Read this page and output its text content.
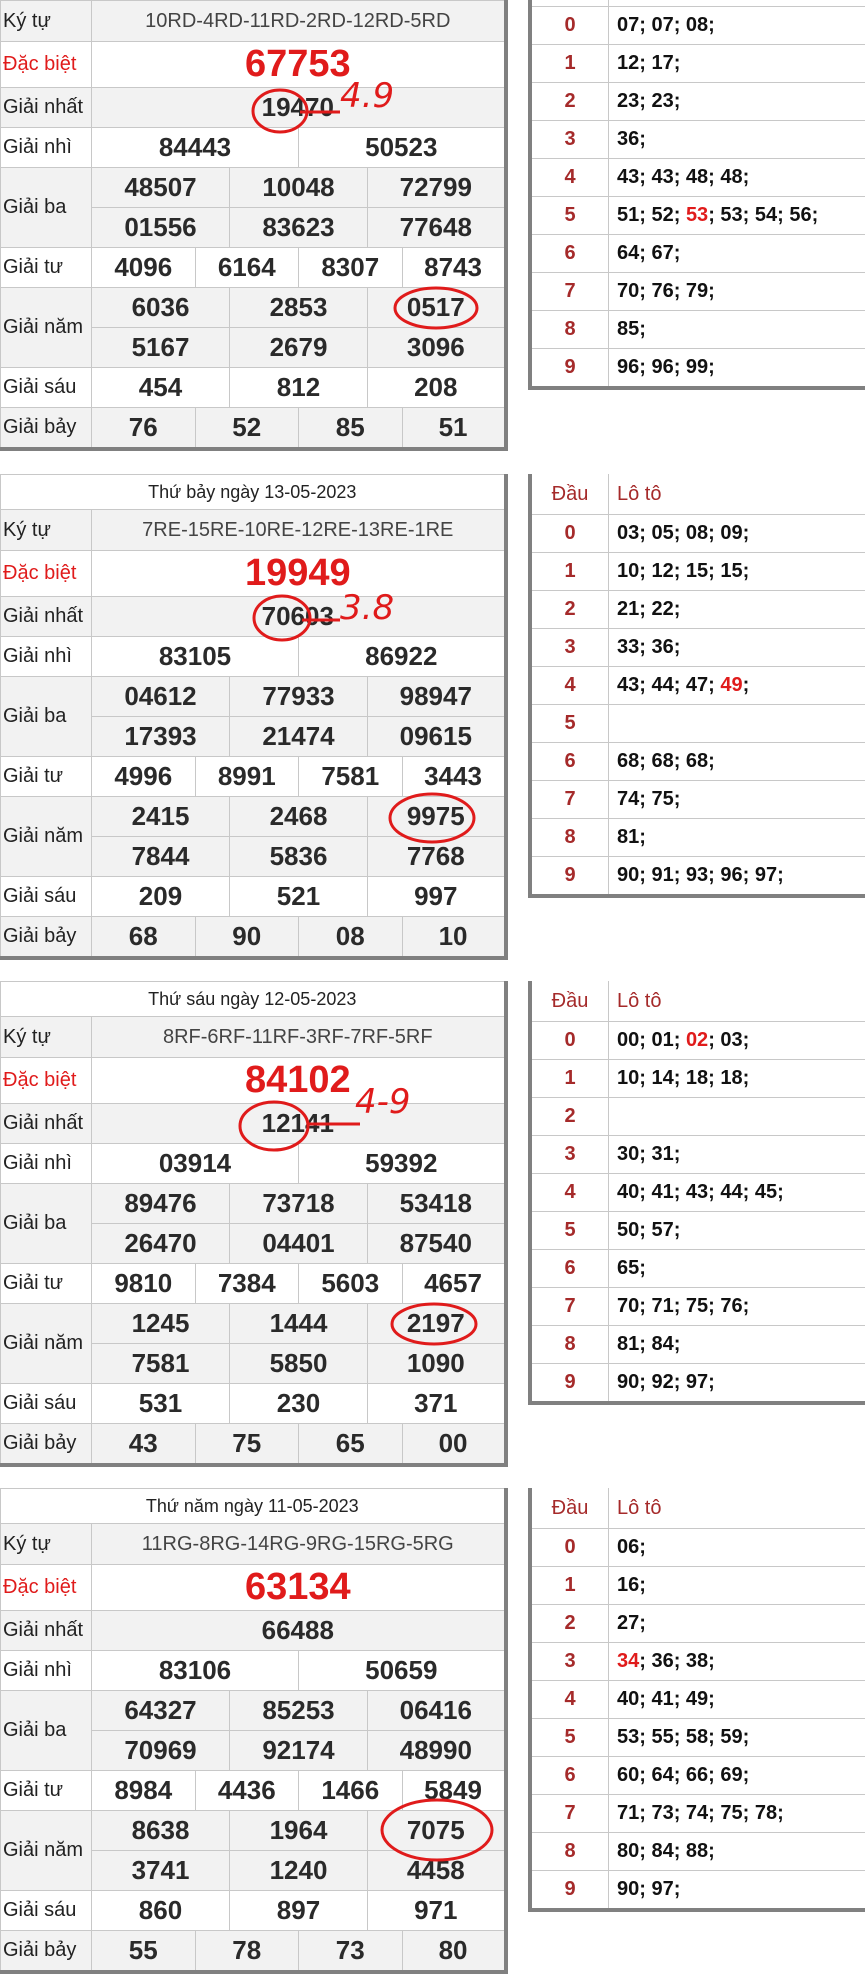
Ký tự	10RD-4RD-11RD-2RD-12RD-5RD					
Đặc biệt	67753					
Giải nhất	19470					
Giải nhì	84443			50523		
Giải ba	48507		10048		72799	
	01556		83623		77648	
Giải tư	4096	6164		8307		8743
Giải năm	6036		2853		0517	
	5167		2679		3096	
Giải sáu	454		812		208	
Giải bảy	76	52		85		51

0	07; 07; 08;
1	12; 17;
2	23; 23;
3	36;
4	43; 43; 48; 48;
5	51; 52; 53; 53; 54; 56;
6	64; 67;
7	70; 76; 79;
8	85;
9	96; 96; 99;
Thứ bảy ngày 13-05-2023						
Ký tự	7RE-15RE-10RE-12RE-13RE-1RE					
Đặc biệt	19949					
Giải nhất	70603					
Giải nhì	83105			86922		
Giải ba	04612		77933		98947	
	17393		21474		09615	
Giải tư	4996	8991		7581		3443
Giải năm	2415		2468		9975	
	7844		5836		7768	
Giải sáu	209		521		997	
Giải bảy	68	90		08		10
Đầu	Lô tô
0	03; 05; 08; 09;
1	10; 12; 15; 15;
2	21; 22;
3	33; 36;
4	43; 44; 47; 49;
5	
6	68; 68; 68;
7	74; 75;
8	81;
9	90; 91; 93; 96; 97;
Thứ sáu ngày 12-05-2023						
Ký tự	8RF-6RF-11RF-3RF-7RF-5RF					
Đặc biệt	84102					
Giải nhất	12141					
Giải nhì	03914			59392		
Giải ba	89476		73718		53418	
	26470		04401		87540	
Giải tư	9810	7384		5603		4657
Giải năm	1245		1444		2197	
	7581		5850		1090	
Giải sáu	531		230		371	
Giải bảy	43	75		65		00
Đầu	Lô tô
0	00; 01; 02; 03;
1	10; 14; 18; 18;
2	
3	30; 31;
4	40; 41; 43; 44; 45;
5	50; 57;
6	65;
7	70; 71; 75; 76;
8	81; 84;
9	90; 92; 97;
Thứ năm ngày 11-05-2023						
Ký tự	11RG-8RG-14RG-9RG-15RG-5RG					
Đặc biệt	63134					
Giải nhất	66488					
Giải nhì	83106			50659		
Giải ba	64327		85253		06416	
	70969		92174		48990	
Giải tư	8984	4436		1466		5849
Giải năm	8638		1964		7075	
	3741		1240		4458	
Giải sáu	860		897		971	
Giải bảy	55	78		73		80
Đầu	Lô tô
0	06;
1	16;
2	27;
3	34; 36; 38;
4	40; 41; 49;
5	53; 55; 58; 59;
6	60; 64; 66; 69;
7	71; 73; 74; 75; 78;
8	80; 84; 88;
9	90; 97;
4.9
3.8
4-9
